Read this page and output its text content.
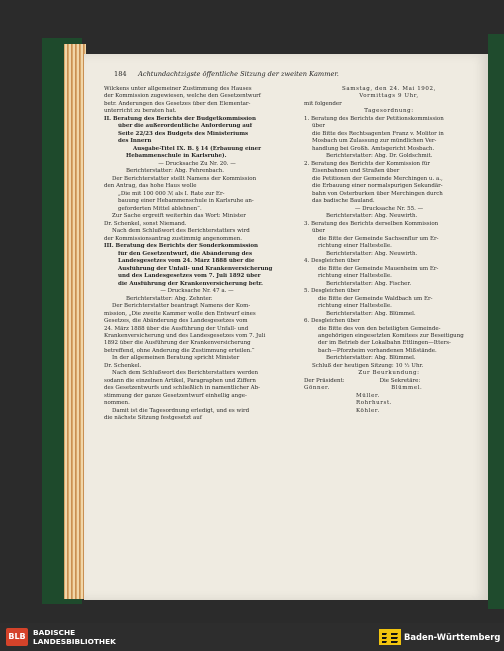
184 Achtundachtzigste öffentliche Sitzung der zweiten Kammer.
Wilckens unter allgemeiner Zustimmung des Hauses
der Kommission zugewiesen, welche den Gesetzentwurf
betr. Änderungen des Gesetzes über den Elementar-
unterricht zu beraten hat.
II. Beratung des Berichts der Budgetkommission
über die außerordentliche Anforderung auf
Seite 22/23 des Budgets des Ministeriums
des Innern
Ausgabe-Titel IX. B. § 14 (Erbauung einer
Hebammenschule in Karlsruhe).
— Drucksache Zu Nr. 20. —
Berichterstatter: Abg. Fehrenbach.
Der Berichterstatter stellt Namens der Kommission
den Antrag, das hohe Haus wolle
„Die mit 100 000 ℳ als I. Rate zur Er-
bauung einer Hebammenschule in Karlsruhe an-
geforderten Mittel ablehnen“.
Zur Sache ergreift weiterhin das Wort: Minister
Dr. Schenkel, sonst Niemand.
Nach dem Schlußwort des Berichterstatters wird
der Kommissionsantrag zustimmig angenommen.
III. Beratung des Berichts der Sonderkommission
für den Gesetzentwurf, die Abänderung des
Landesgesetzes vom 24. März 1888 über die
Ausführung der Unfall- und Krankenversicherung
und des Landesgesetzes vom 7. Juli 1892 über
die Ausführung der Krankenversicherung betr.
— Drucksache Nr. 47 a. —
Berichterstatter: Abg. Zehnter.
Der Berichterstatter beantragt Namens der Kom-
mission, „Die zweite Kammer wolle den Entwurf eines
Gesetzes, die Abänderung des Landesgesetzes vom
24. März 1888 über die Ausführung der Unfall- und
Krankenversicherung und des Landesgesetzes vom 7. Juli
1892 über die Ausführung der Krankenversicherung
betreffend, ohne Änderung die Zustimmung erteilen.“
In der allgemeinen Beratung spricht Minister
Dr. Schenkel.
Nach dem Schlußwort des Berichterstatters werden
sodann die einzelnen Artikel, Paragraphen und Ziffern
des Gesetzentwurfs und schließlich in namentlicher Ab-
stimmung der ganze Gesetzentwurf einhellig ange-
nommen.
Damit ist die Tagesordnung erledigt, und es wird
die nächste Sitzung festgesetzt auf
Samstag, den 24. Mai 1902,
Vormittags 9 Uhr,
mit folgender
Tagesordnung:
1. Beratung des Berichts der Petitionskommission
über
die Bitte des Rechtsagenten Franz v. Molitor in
Mosbach um Zulassung zur mündlichen Ver-
handlung bei Großh. Amtsgericht Mosbach.
Berichterstatter: Abg. Dr. Goldschmit.
2. Beratung des Berichts der Kommission für
Eisenbahnen und Straßen über
die Petitionen der Gemeinde Merchingen u. a.,
die Erbauung einer normalspurigen Sekundär-
bahn von Osterburken über Merchingen durch
das badische Bauland.
— Drucksache Nr. 55. —
Berichterstatter: Abg. Neuwirth.
3. Beratung des Berichts derselben Kommission
über
die Bitte der Gemeinde Sachsenflur um Er-
richtung einer Haltestelle.
Berichterstatter: Abg. Neuwirth.
4. Desgleichen über
die Bitte der Gemeinde Mauenheim um Er-
richtung einer Haltestelle.
Berichterstatter: Abg. Fischer.
5. Desgleichen über
die Bitte der Gemeinde Waldbach um Er-
richtung einer Haltestelle.
Berichterstatter: Abg. Blümmel.
6. Desgleichen über
die Bitte des von den beteiligten Gemeinde-
angehörigen eingesetzten Komitees zur Beseitigung
der im Betrieb der Lokalbahn Ettlingen—Itters-
bach—Pforzheim vorhandenen Mißstände.
Berichterstatter: Abg. Blümmel.
Schluß der heutigen Sitzung: 10 ½ Uhr.
Zur Beurkundung:
Der Präsident:                    Die Sekretäre:
Gönner.                          Blümmel.
Müller.
Rohrhurst.
Köhler.
BLB BADISCHE
LANDESBIBLIOTHEK	Baden-Württemberg
